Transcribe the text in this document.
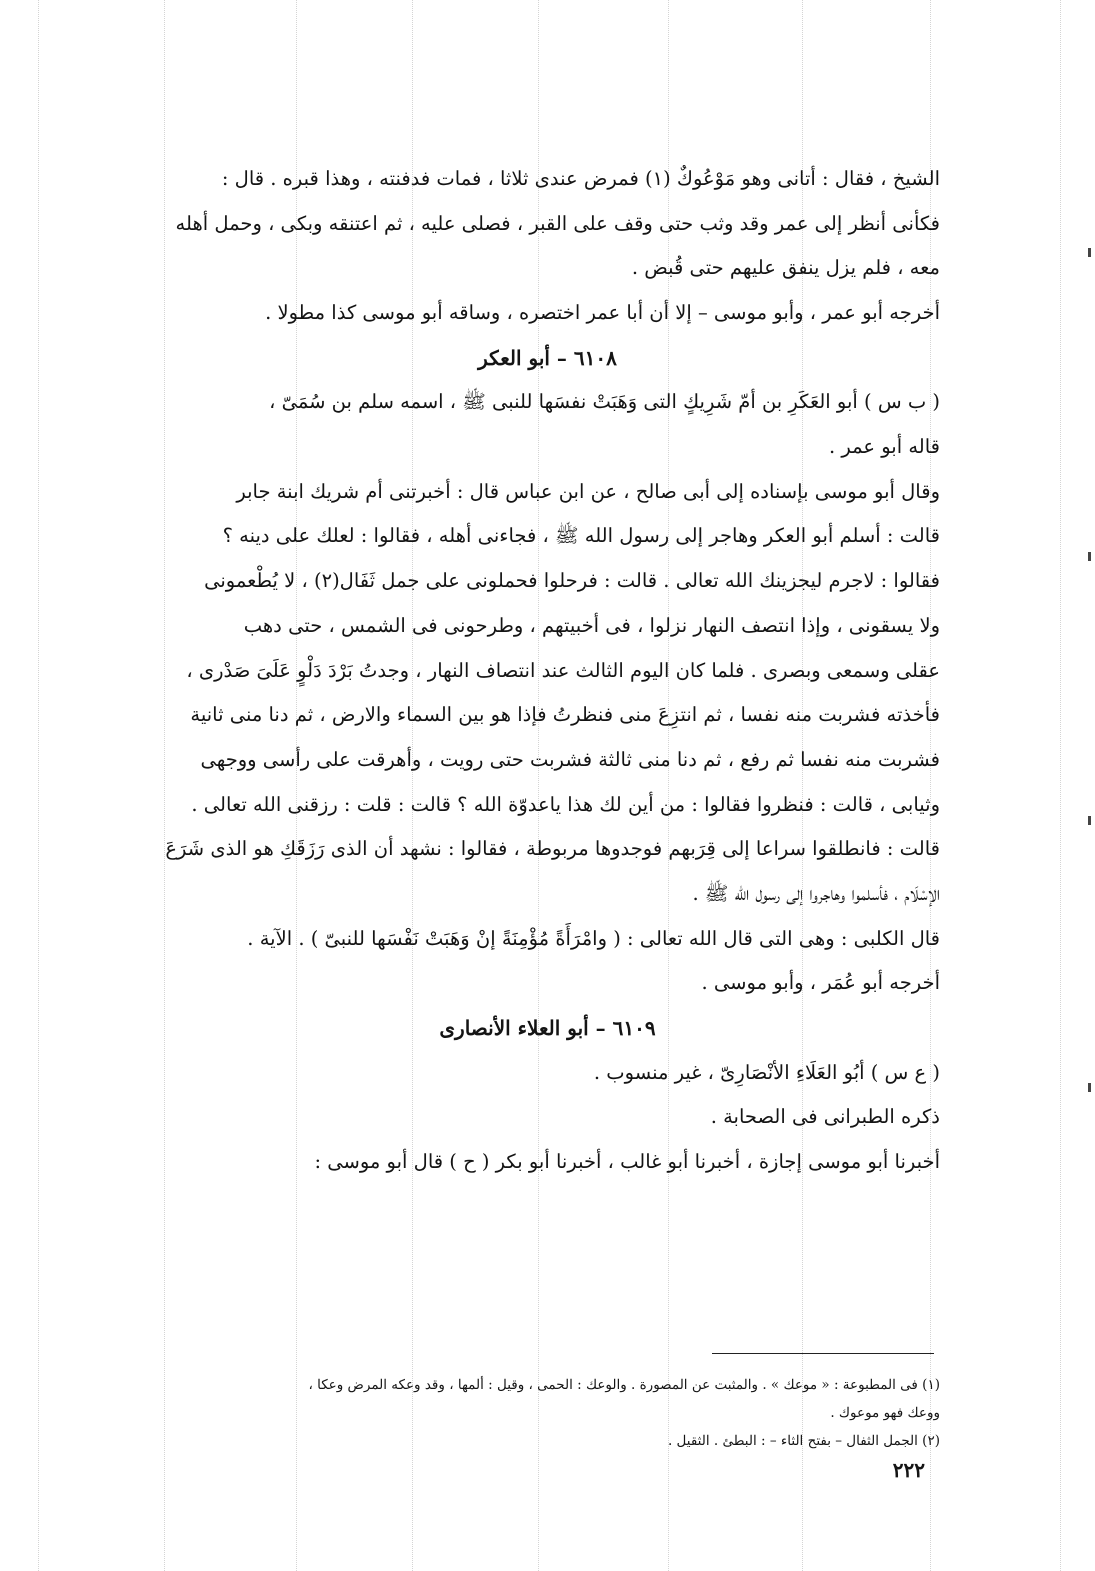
الشيخ ، فقال : أتانى وهو مَوْعُوكٌ (١) فمرض عندى ثلاثا ، فمات فدفنته ، وهذا قبره . قال :
فكأنى أنظر إلى عمر وقد وثب حتى وقف على القبر ، فصلى عليه ، ثم اعتنقه وبكى ، وحمل أهله
معه ، فلم يزل ينفق عليهم حتى قُبض .
أخرجه أبو عمر ، وأبو موسى – إلا أن أبا عمر اختصره ، وساقه أبو موسى كذا مطولا .
٦١٠٨ – أبو العكر
( ب س ) أبو العَكَرِ بن أمّ شَرِيكٍ التى وَهَبَتْ نفسَها للنبى ﷺ ، اسمه سلم بن سُمَىّ ،
قاله أبو عمر .
وقال أبو موسى بإسناده إلى أبى صالح ، عن ابن عباس قال : أخبرتنى أم شريك ابنة جابر
قالت : أسلم أبو العكر وهاجر إلى رسول الله ﷺ ، فجاءنى أهله ، فقالوا : لعلك على دينه ؟
فقالوا : لاجرم ليجزينك الله تعالى . قالت : فرحلوا فحملونى على جمل ثَفَال(٢) ، لا يُطْعمونى
ولا يسقونى ، وإذا انتصف النهار نزلوا ، فى أخبيتهم ، وطرحونى فى الشمس ، حتى دهب
عقلى وسمعى وبصرى . فلما كان اليوم الثالث عند انتصاف النهار ، وجدتُ بَرْدَ دَلْوٍ عَلَىَ صَدْرى ،
فأخذته فشربت منه نفسا ، ثم انتزِعَ منى فنظرتُ فإذا هو بين السماء والارض ، ثم دنا منى ثانية
فشربت منه نفسا ثم رفع ، ثم دنا منى ثالثة فشربت حتى رويت ، وأهرقت على رأسى ووجهى
وثيابى ، قالت : فنظروا فقالوا : من أين لك هذا ياعدوّة الله ؟ قالت : قلت : رزقنى الله تعالى .
قالت : فانطلقوا سراعا إلى قِرَبهم فوجدوها مربوطة ، فقالوا : نشهد أن الذى رَزَقَكِ هو الذى شَرَعَ
الإسْلَام ، فأسلموا وهاجروا إلى رسول الله ﷺ .
قال الكلبى : وهى التى قال الله تعالى : ( وامْرَأَةً مُؤْمِنَةً إنْ وَهَبَتْ نَفْسَها للنبىّ ) . الآية .
أخرجه أبو عُمَر ، وأبو موسى .
٦١٠٩ – أبو العلاء الأنصارى
( ع س ) أبُو العَلَاءِ الأنْصَارِىّ ، غير منسوب .
ذكره الطبرانى فى الصحابة .
أخبرنا أبو موسى إجازة ، أخبرنا أبو غالب ، أخبرنا أبو بكر ( ح ) قال أبو موسى :
(١) فى المطبوعة : « موعك » . والمثبت عن المصورة . والوعك : الحمى ، وقيل : ألمها ، وقد وعكه المرض وعكا ،
ووعك فهو موعوك .
(٢) الجمل الثفال – بفتح الثاء – : البطئ . الثقيل .
٢٢٢
